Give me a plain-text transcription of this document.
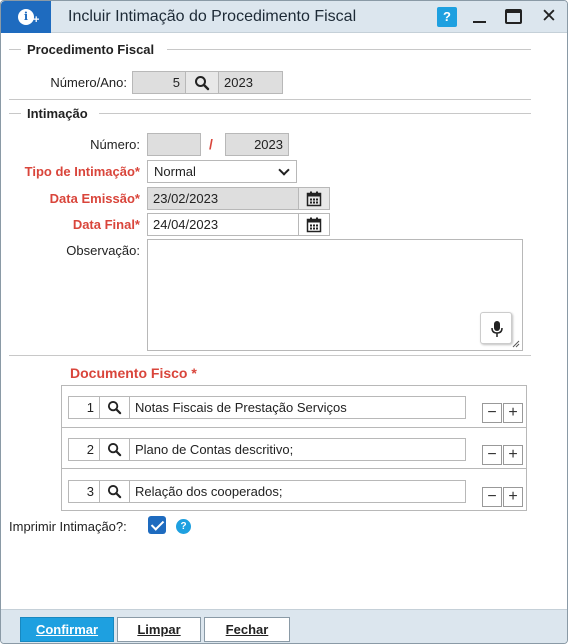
i + Incluir Intimação do Procedimento Fiscal	?	✕
Procedimento Fiscal
Número/Ano:	5	2023
Intimação
Número:	/	2023
Tipo de Intimação*	Normal
Data Emissão*	23/02/2023
Data Final*	24/04/2023
Observação:
Documento Fisco *
1	Notas Fiscais de Prestação Serviços	− +
2	Plano de Contas descritivo;	− +
3	Relação dos cooperados;	− +
Imprimir Intimação?:	?
Confirmar	Limpar	Fechar
